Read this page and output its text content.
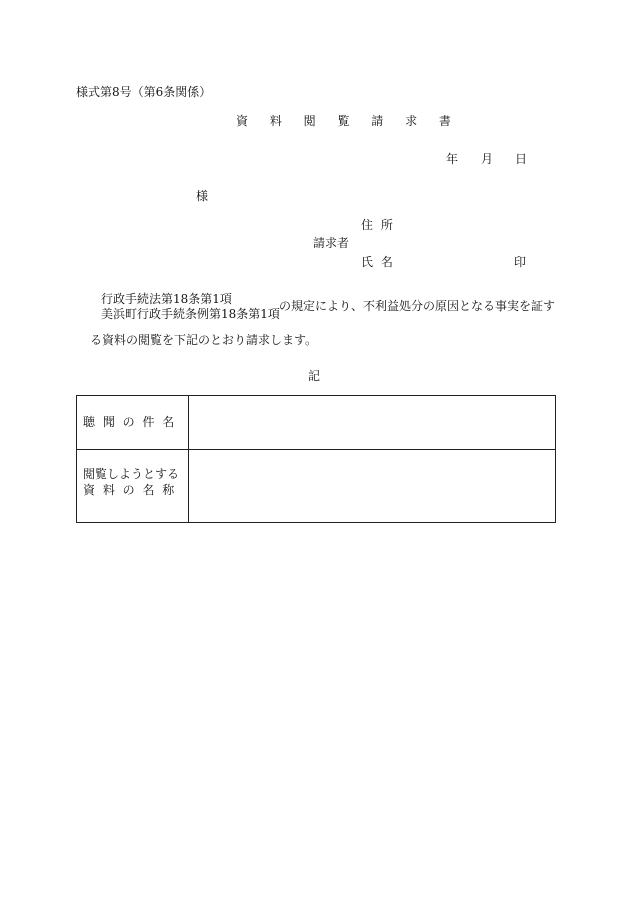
様式第8号（第6条関係）
資 料 閲 覧 請 求 書
年 月 日
様
住 所
請求者
氏 名	印
行政手続法第18条第1項
美浜町行政手続条例第18条第1項
の規定により、不利益処分の原因となる事実を証す
る資料の閲覧を下記のとおり請求します。
記
聴 聞 の 件 名
閲覧しようとする
資 料 の 名 称
